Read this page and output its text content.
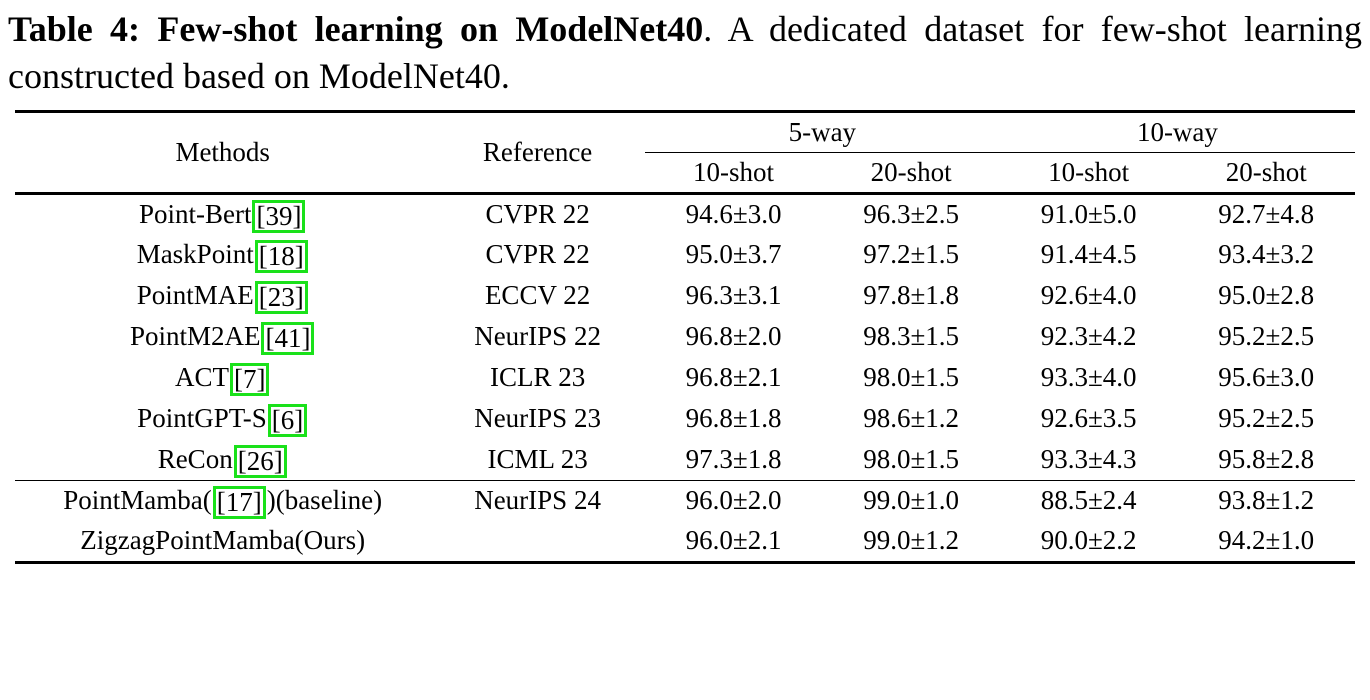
Table 4: Few-shot learning on ModelNet40. A dedicated dataset for few-shot learning constructed based on ModelNet40.
Methods	Reference	5-way		10-way	
		10-shot	20-shot	10-shot	20-shot
Point-Bert [39]	CVPR 22	94.6±3.0	96.3±2.5	91.0±5.0	92.7±4.8
MaskPoint [18]	CVPR 22	95.0±3.7	97.2±1.5	91.4±4.5	93.4±3.2
PointMAE [23]	ECCV 22	96.3±3.1	97.8±1.8	92.6±4.0	95.0±2.8
PointM2AE [41]	NeurIPS 22	96.8±2.0	98.3±1.5	92.3±4.2	95.2±2.5
ACT [7]	ICLR 23	96.8±2.1	98.0±1.5	93.3±4.0	95.6±3.0
PointGPT-S [6]	NeurIPS 23	96.8±1.8	98.6±1.2	92.6±3.5	95.2±2.5
ReCon [26]	ICML 23	97.3±1.8	98.0±1.5	93.3±4.3	95.8±2.8
PointMamba( [17] )(baseline)	NeurIPS 24	96.0±2.0	99.0±1.0	88.5±2.4	93.8±1.2
ZigzagPointMamba(Ours)		96.0±2.1	99.0±1.2	90.0±2.2	94.2±1.0
